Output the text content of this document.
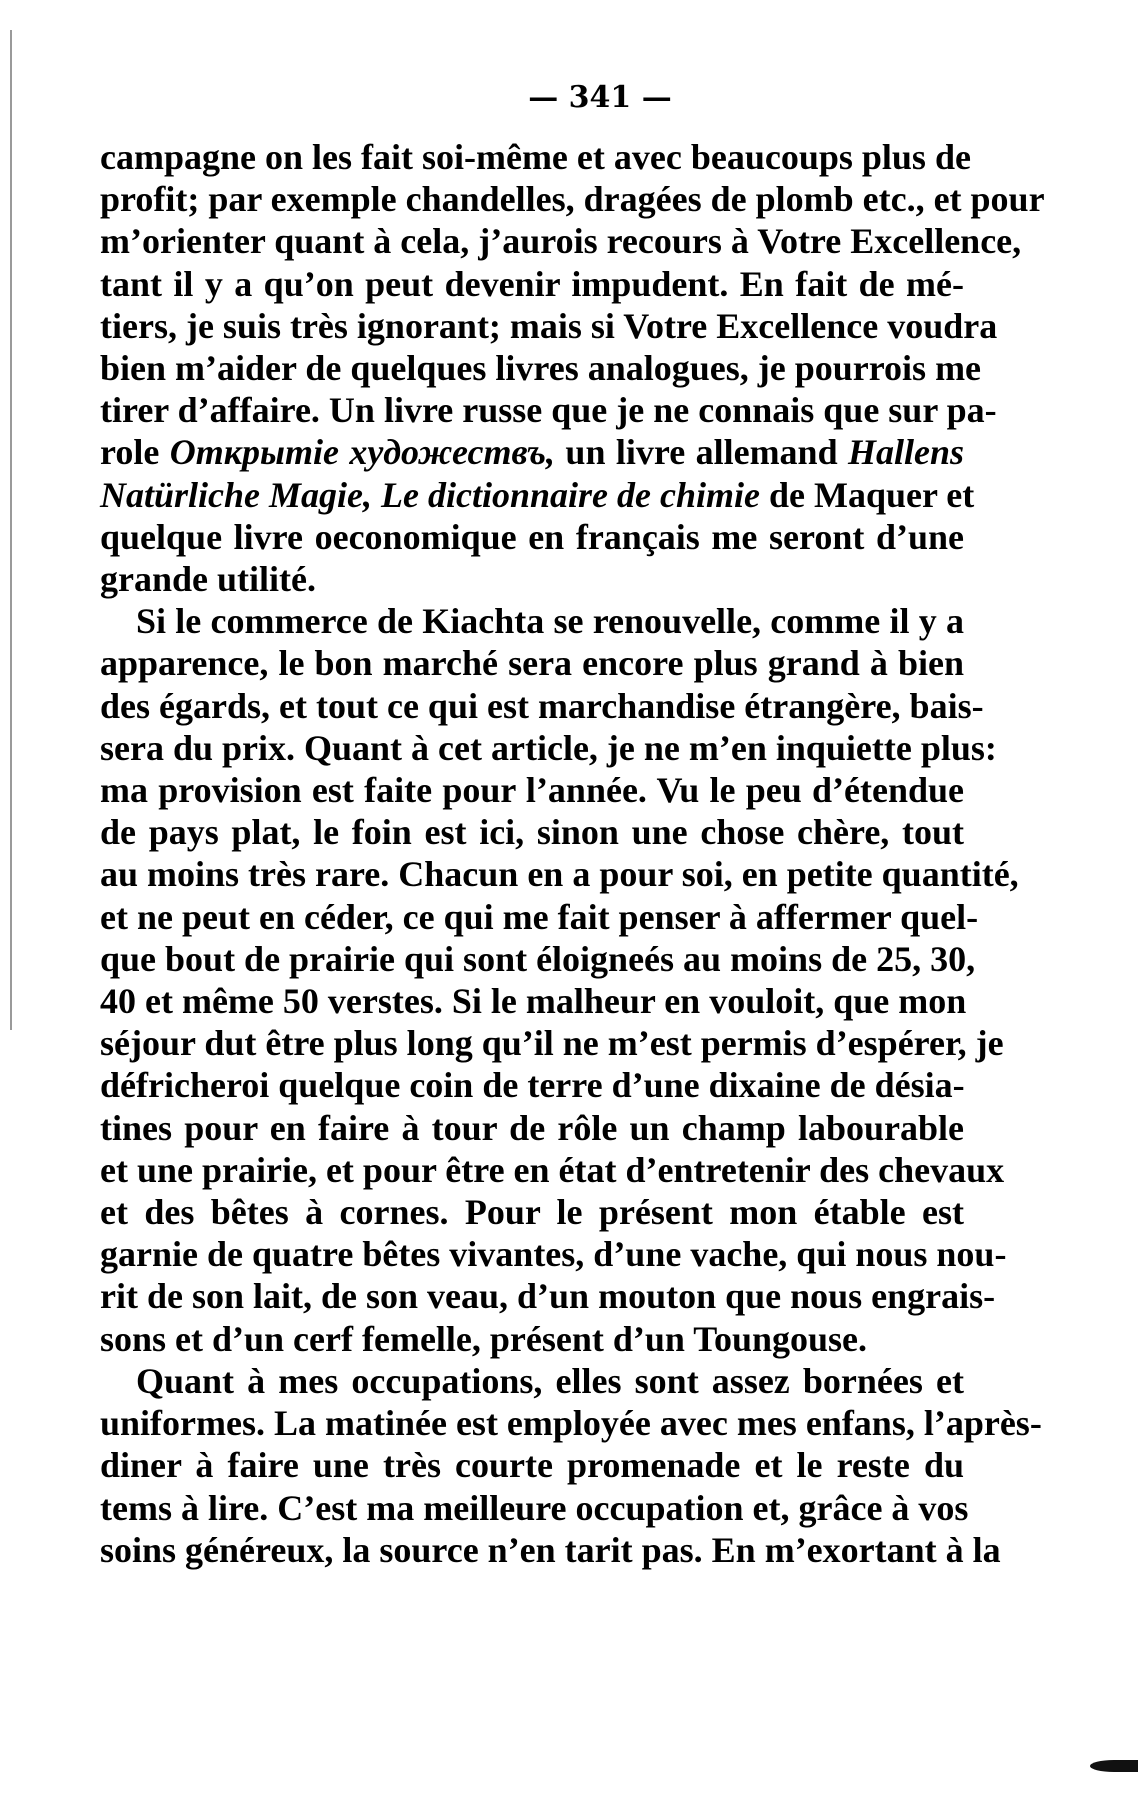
— 341 —

campagne on les fait soi-même et avec beaucoups plus de
profit; par exemple chandelles, dragées de plomb etc., et pour
m’orienter quant à cela, j’aurois recours à Votre Excellence,
tant il y a qu’on peut devenir impudent. En fait de mé-
tiers, je suis très ignorant; mais si Votre Excellence voudra
bien m’aider de quelques livres analogues, je pourrois me
tirer d’affaire. Un livre russe que je ne connais que sur pa-
role Открытіе художествъ, un livre allemand Hallens
Natürliche Magie, Le dictionnaire de chimie de Maquer et
quelque livre oeconomique en français me seront d’une
grande utilité.

Si le commerce de Kiachta se renouvelle, comme il y a
apparence, le bon marché sera encore plus grand à bien
des égards, et tout ce qui est marchandise étrangère, bais-
sera du prix. Quant à cet article, je ne m’en inquiette plus:
ma provision est faite pour l’année. Vu le peu d’étendue
de pays plat, le foin est ici, sinon une chose chère, tout
au moins très rare. Chacun en a pour soi, en petite quantité,
et ne peut en céder, ce qui me fait penser à affermer quel-
que bout de prairie qui sont éloigneés au moins de 25, 30,
40 et même 50 verstes. Si le malheur en vouloit, que mon
séjour dut être plus long qu’il ne m’est permis d’espérer, je
défricheroi quelque coin de terre d’une dixaine de désia-
tines pour en faire à tour de rôle un champ labourable
et une prairie, et pour être en état d’entretenir des chevaux
et des bêtes à cornes. Pour le présent mon étable est
garnie de quatre bêtes vivantes, d’une vache, qui nous nou-
rit de son lait, de son veau, d’un mouton que nous engrais-
sons et d’un cerf femelle, présent d’un Toungouse.

Quant à mes occupations, elles sont assez bornées et
uniformes. La matinée est employée avec mes enfans, l’après-
diner à faire une très courte promenade et le reste du
tems à lire. C’est ma meilleure occupation et, grâce à vos
soins généreux, la source n’en tarit pas. En m’exortant à la
